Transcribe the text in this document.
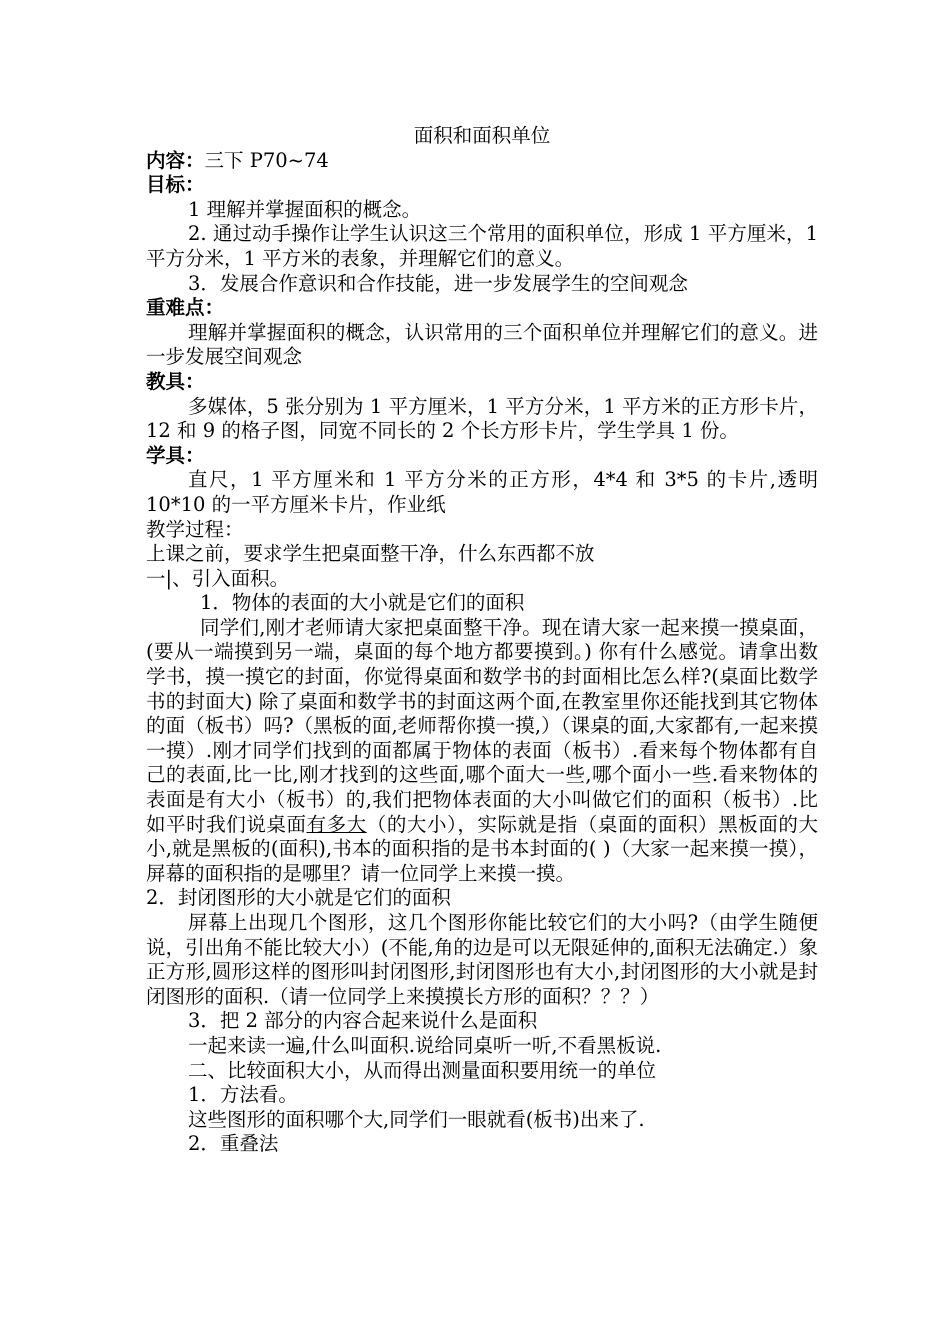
面积和面积单位
内容：三下 P70~74
目标：
1 理解并掌握面积的概念。
2. 通过动手操作让学生认识这三个常用的面积单位，形成 1 平方厘米，1 平方分米，1 平方米的表象，并理解它们的意义。
3．发展合作意识和合作技能，进一步发展学生的空间观念
重难点：
理解并掌握面积的概念，认识常用的三个面积单位并理解它们的意义。进一步发展空间观念
教具：
多媒体，5 张分别为 1 平方厘米，1 平方分米，1 平方米的正方形卡片，12 和 9 的格子图，同宽不同长的 2 个长方形卡片，学生学具 1 份。
学具：
直尺，1 平方厘米和 1 平方分米的正方形，4*4 和 3*5 的卡片,透明 10*10 的一平方厘米卡片，作业纸
教学过程：
上课之前，要求学生把桌面整干净，什么东西都不放
一|、引入面积。
1．物体的表面的大小就是它们的面积
同学们,刚才老师请大家把桌面整干净。现在请大家一起来摸一摸桌面，(要从一端摸到另一端，桌面的每个地方都要摸到。) 你有什么感觉。请拿出数学书，摸一摸它的封面，你觉得桌面和数学书的封面相比怎么样?(桌面比数学书的封面大) 除了桌面和数学书的封面这两个面,在教室里你还能找到其它物体的面（板书）吗?（黑板的面,老师帮你摸一摸,）（课桌的面,大家都有,一起来摸一摸）.刚才同学们找到的面都属于物体的表面（板书）.看来每个物体都有自己的表面,比一比,刚才找到的这些面,哪个面大一些,哪个面小一些.看来物体的表面是有大小（板书）的,我们把物体表面的大小叫做它们的面积（板书）.比如平时我们说桌面有多大（的大小），实际就是指（桌面的面积）黑板面的大小,就是黑板的(面积),书本的面积指的是书本封面的( )（大家一起来摸一摸），屏幕的面积指的是哪里？请一位同学上来摸一摸。
2．封闭图形的大小就是它们的面积
屏幕上出现几个图形，这几个图形你能比较它们的大小吗?（由学生随便说，引出角不能比较大小）(不能,角的边是可以无限延伸的,面积无法确定.）象正方形,圆形这样的图形叫封闭图形,封闭图形也有大小,封闭图形的大小就是封闭图形的面积.（请一位同学上来摸摸长方形的面积？？？）
3．把 2 部分的内容合起来说什么是面积
一起来读一遍,什么叫面积.说给同桌听一听,不看黑板说.
二、比较面积大小，从而得出测量面积要用统一的单位
1．方法看。
这些图形的面积哪个大,同学们一眼就看(板书)出来了.
2．重叠法
